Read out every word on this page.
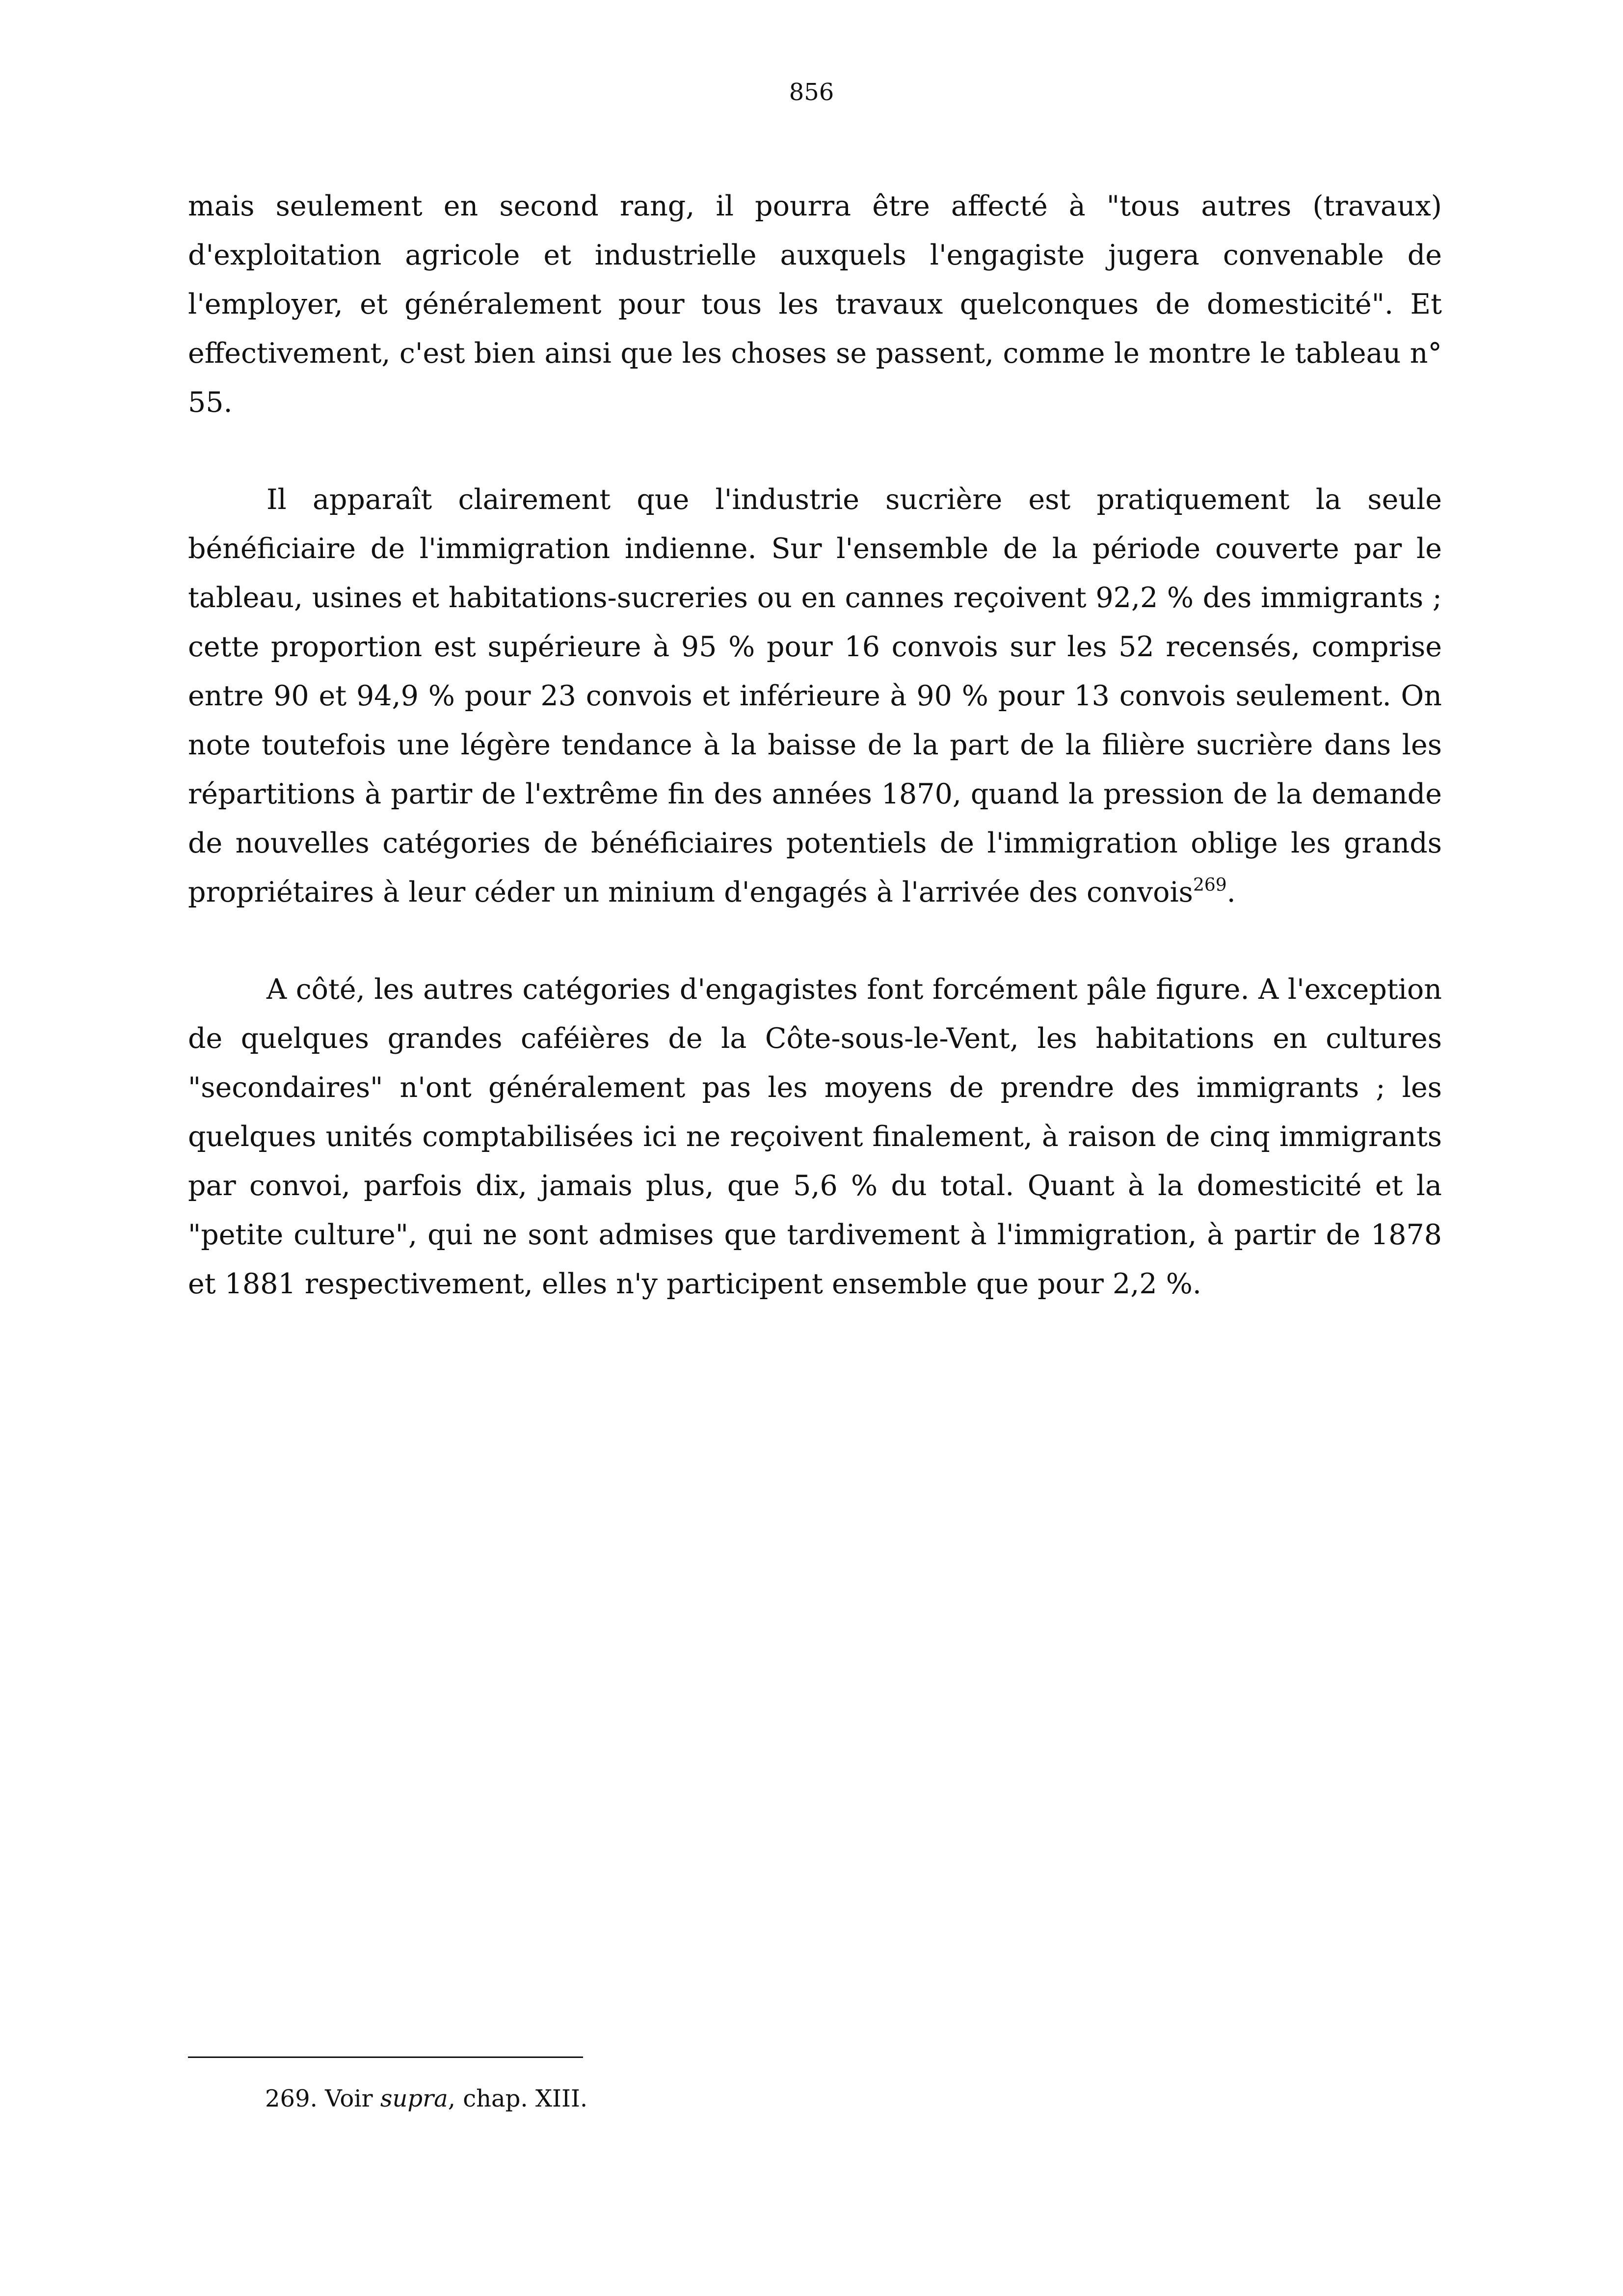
856

mais seulement en second rang, il pourra être affecté à "tous autres (travaux) d'exploitation agricole et industrielle auxquels l'engagiste jugera convenable de l'employer, et généralement pour tous les travaux quelconques de domesticité". Et effectivement, c'est bien ainsi que les choses se passent, comme le montre le tableau n° 55.

Il apparaît clairement que l'industrie sucrière est pratiquement la seule bénéficiaire de l'immigration indienne. Sur l'ensemble de la période couverte par le tableau, usines et habitations-sucreries ou en cannes reçoivent 92,2 % des immigrants ; cette proportion est supérieure à 95 % pour 16 convois sur les 52 recensés, comprise entre 90 et 94,9 % pour 23 convois et inférieure à 90 % pour 13 convois seulement. On note toutefois une légère tendance à la baisse de la part de la filière sucrière dans les répartitions à partir de l'extrême fin des années 1870, quand la pression de la demande de nouvelles catégories de bénéficiaires potentiels de l'immigration oblige les grands propriétaires à leur céder un minium d'engagés à l'arrivée des convois$^{269}$.

A côté, les autres catégories d'engagistes font forcément pâle figure. A l'exception de quelques grandes caféières de la Côte-sous-le-Vent, les habitations en cultures "secondaires" n'ont généralement pas les moyens de prendre des immigrants ; les quelques unités comptabilisées ici ne reçoivent finalement, à raison de cinq immigrants par convoi, parfois dix, jamais plus, que 5,6 % du total. Quant à la domesticité et la "petite culture", qui ne sont admises que tardivement à l'immigration, à partir de 1878 et 1881 respectivement, elles n'y participent ensemble que pour 2,2 %.

269. Voir supra, chap. XIII.
